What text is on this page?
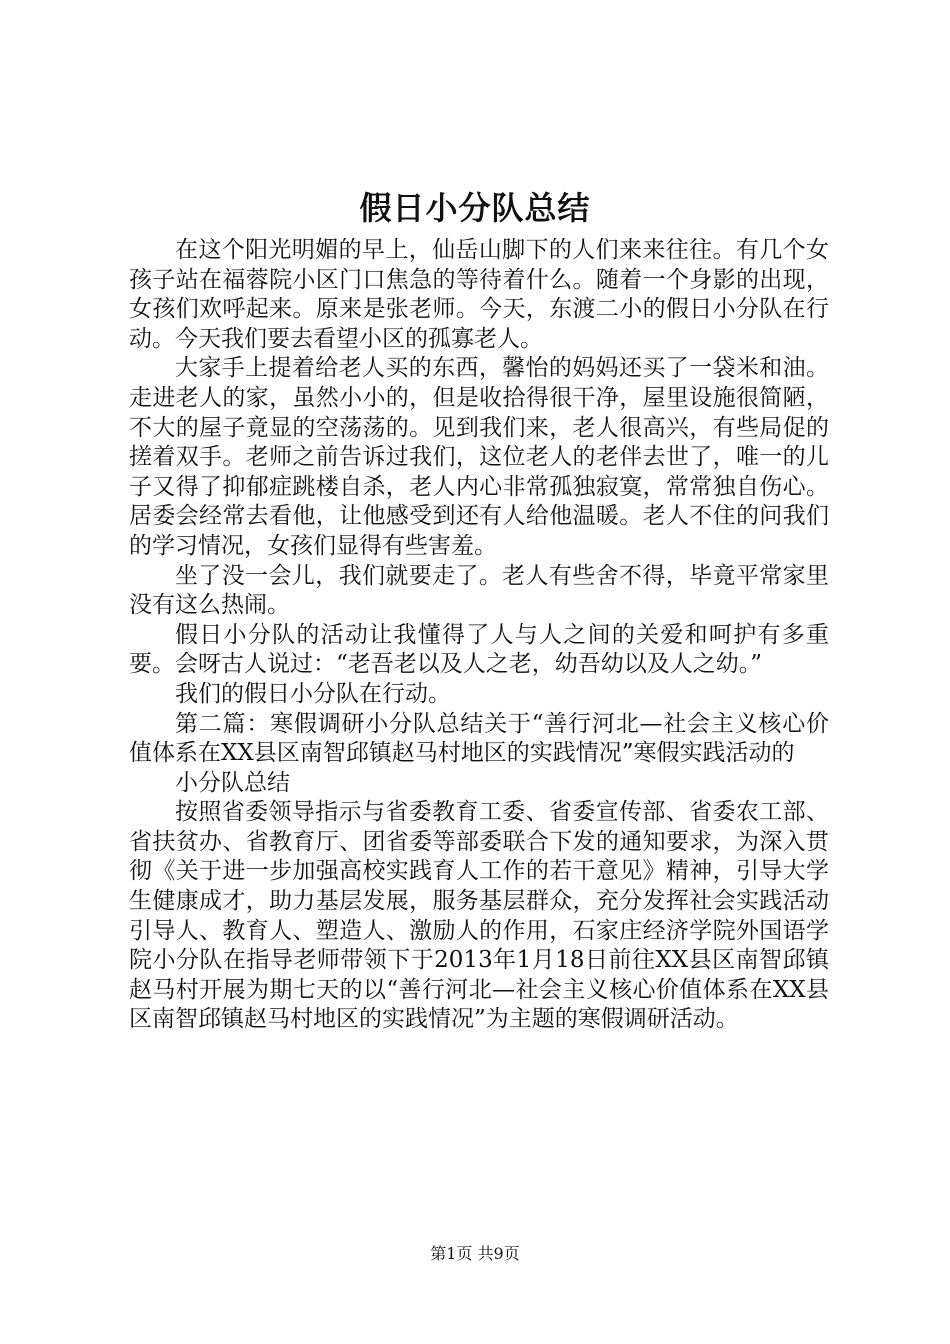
假日小分队总结

在这个阳光明媚的早上，仙岳山脚下的人们来来往往。有几个女孩子站在福蓉院小区门口焦急的等待着什么。随着一个身影的出现，女孩们欢呼起来。原来是张老师。今天，东渡二小的假日小分队在行动。今天我们要去看望小区的孤寡老人。

大家手上提着给老人买的东西，馨怡的妈妈还买了一袋米和油。走进老人的家，虽然小小的，但是收拾得很干净，屋里设施很简陋，不大的屋子竟显的空荡荡的。见到我们来，老人很高兴，有些局促的搓着双手。老师之前告诉过我们，这位老人的老伴去世了，唯一的儿子又得了抑郁症跳楼自杀，老人内心非常孤独寂寞，常常独自伤心。居委会经常去看他，让他感受到还有人给他温暖。老人不住的问我们的学习情况，女孩们显得有些害羞。

坐了没一会儿，我们就要走了。老人有些舍不得，毕竟平常家里没有这么热闹。

假日小分队的活动让我懂得了人与人之间的关爱和呵护有多重要。会呀古人说过：“老吾老以及人之老，幼吾幼以及人之幼。”

我们的假日小分队在行动。

第二篇：寒假调研小分队总结关于“善行河北—社会主义核心价值体系在XX县区南智邱镇赵马村地区的实践情况”寒假实践活动的

小分队总结

按照省委领导指示与省委教育工委、省委宣传部、省委农工部、省扶贫办、省教育厅、团省委等部委联合下发的通知要求，为深入贯彻《关于进一步加强高校实践育人工作的若干意见》精神，引导大学生健康成才，助力基层发展，服务基层群众，充分发挥社会实践活动引导人、教育人、塑造人、激励人的作用，石家庄经济学院外国语学院小分队在指导老师带领下于2013年1月18日前往XX县区南智邱镇赵马村开展为期七天的以“善行河北—社会主义核心价值体系在XX县区南智邱镇赵马村地区的实践情况”为主题的寒假调研活动。

第1页 共9页
